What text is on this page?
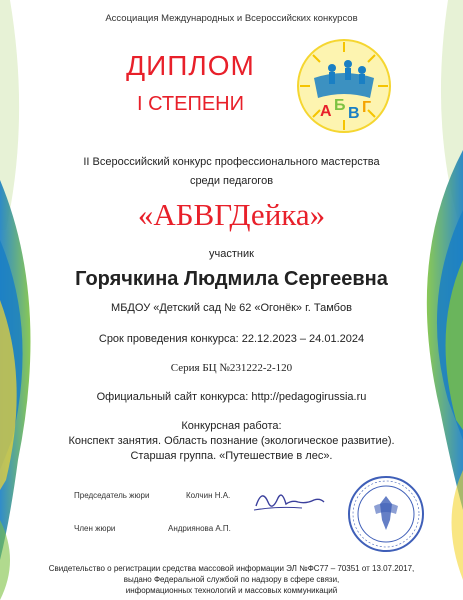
Ассоциация Международных и Всероссийских конкурсов
ДИПЛОМ
I СТЕПЕНИ	А Б В Г
II Всероссийский конкурс профессионального мастерства
среди педагогов
«АБВГДейка»
участник
Горячкина Людмила Сергеевна
МБДОУ «Детский сад № 62 «Огонёк» г. Тамбов
Срок проведения конкурса: 22.12.2023 – 24.01.2024
Серия БЦ №231222-2-120
Официальный сайт конкурса: http://pedagogirussia.ru
Конкурсная работа:
Конспект занятия. Область познание (экологическое развитие).
Старшая группа. «Путешествие в лес».
Председатель жюри	Колчин Н.А.
Член жюри	Андриянова А.П.
Свидетельство о регистрации средства массовой информации ЭЛ №ФС77 – 70351 от 13.07.2017,
выдано Федеральной службой по надзору в сфере связи,
информационных технологий и массовых коммуникаций
